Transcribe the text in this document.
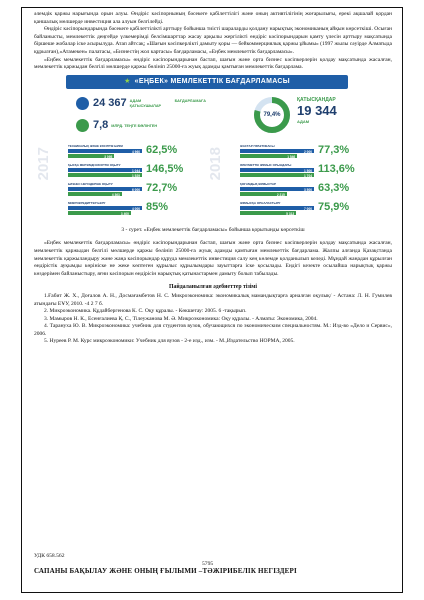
әлемдік қаржы нарығында орын алуы. Өндіріс кәсіпорнының бәсекеге қабілеттілігі және оның активтілігінің жоғарылығы, ерекі ақшалай қордан қаншалық мөлшерде инвестиция ала алуын белгілейді.

Өндіріс кәсіпорындарында бәсекеге қабілеттілікті арттыру бойынша тиісті шараларды қолдану нарықтық экономиканың айқын көрсеткіші. Осыған байланысты, мемлекеттік деңгейде үлкемерімді белсімшарттар жасау арқылы жергілікті өндіріс кәсіпорындарын қамту үлесін арттыру мақсатында біршеше жобалар іске асырылуда. Атап айтсақ; «Шағын кәсіпкерлікті дамыту қоры — бейкоммерциялық қаржы ұйымы» (1997 жылы сәуірде Алматыда құрылған),«Атамекен» палатасы, «Бизнестің жол картасы» бағдарламасы, «Еңбек мемлекеттік бағдарламасы».

«Еңбек мемлекеттік бағдарламасы» өндіріс кәсіпорындарынан бастап, шағын және орта бизнес кәсіпкерлерін қолдау мақсатында жасалған, мемлекеттік қаржыдан белгілі мөлшерде қаржы бөлініп 25000-ға жуық адамды қамтыған мемлекеттік бағдарлама.

★ «ЕҢБЕК» МЕМЛЕКЕТТІК БАҒДАРЛАМАСЫ
24 367 АДАМ БАҒДАРЛАМАҒА ҚАТЫСУШЫЛАР
7,8 МЛРД. ТЕҢГЕ БӨЛІНГЕН
79,4%
ҚАТЫСҚАНДАР
19 344
АДАМ
2017	2018
ТЕХНИКАЛЫҚ ЖӘНЕ КӘСІПТІК БІЛІМ
4 960
3 095
62,5%
ҚЫСҚА МЕРЗІМДІ КӘСІПТІК ОҚЫТУ
1 044
1 529
146,5%
БИЗНЕС НЕГІЗДЕРІНЕ ОҚЫТУ
6 000
4 363
72,7%
МИКРОКРЕДИТТЕР БЕРУ
4 000
3 400
85%
ЖАСТАР ПРАКТИКАСЫ
2 000
1 546
77,3%
ӘЛЕУМЕТТІК ЖҰМЫС ОРЫНДАРЫ
1 500
1 704
113,6%
ҚОҒАМДЫҚ ЖҰМЫСТАР
3 500
2 215
63,3%
ЖҰМЫСҚА ОРНАЛАСТЫРУ
7 000
5 313
75,9%

3 - сурет. «Еңбек мемлекеттік бағдарламасы» бойынша қорытынды көрсеткіш

«Еңбек мемлекеттік бағдарламасы» өндіріс кәсіпорындарынан бастап, шағын және орта бизнес кәсіпкерлерін қолдау мақсатында жасалған, мемлекеттік қаржыдан белгілі мөлшерде қаржы бөлініп 25000-ға жуық адамды қамтыған мемлекеттік бағдарлама. Жалпы алғанда Қазақстанда мемлекеттік қаржыландыру және жаңа кәсіпорындар құруда мемлекеттік инвестиция салу кең көлемде қолданылып келеді. Мұндай жаңадан құрылған өндірістік ауқымды көрініске не жеке көптеген құрылыс құрылымдары зауыттарға іске қосылады. Ендігі кезекте осылайша нарықтық қаржы көздерімен байланыстыру, яғни кәсіпорын өндірісін нарықтық қатынастармен дамыту болып табылады.

Пайдаланылған әдебиеттер тізімі

1.Ғабит Ж. Х., Доғалов А. Н., Досмағамбетов Н. С. Микроэкономика: экономикалық мамандықтарға арналған оқулық/ - Астана: Л. Н. Гумилев атындағы ЕҰУ, 2010. -4 2 7 б.

2. Микроэкономика. Құдайбергенова К. С. Оқу құралы. - Көкшетау: 2005. 6 -тақырып.

3. Мамыров Н. К., Есенғалиева Қ. С., Тілеужанова М. Ә. Микроэкономика: Оқу құралы. - Алматы: Экономика, 2004.

4. Тарануха Ю. В. Микроэкономика: учебник для студентов вузов, обучающихся по экономическим специальностям. М.: Изд-во «Дело и Сервис», 2006.

5. Нуреев Р. М. Курс микроэкономики: Учебник для вузов - 2-е изд., изм. - М.,Издательство НОРМА, 2005.

УДК 658.562
5795
САПАНЫ БАҚЫЛАУ ЖӘНЕ ОНЫҢ ҒЫЛЫМИ –ТӘЖІРИБЕЛІК НЕГІЗДЕРІ
